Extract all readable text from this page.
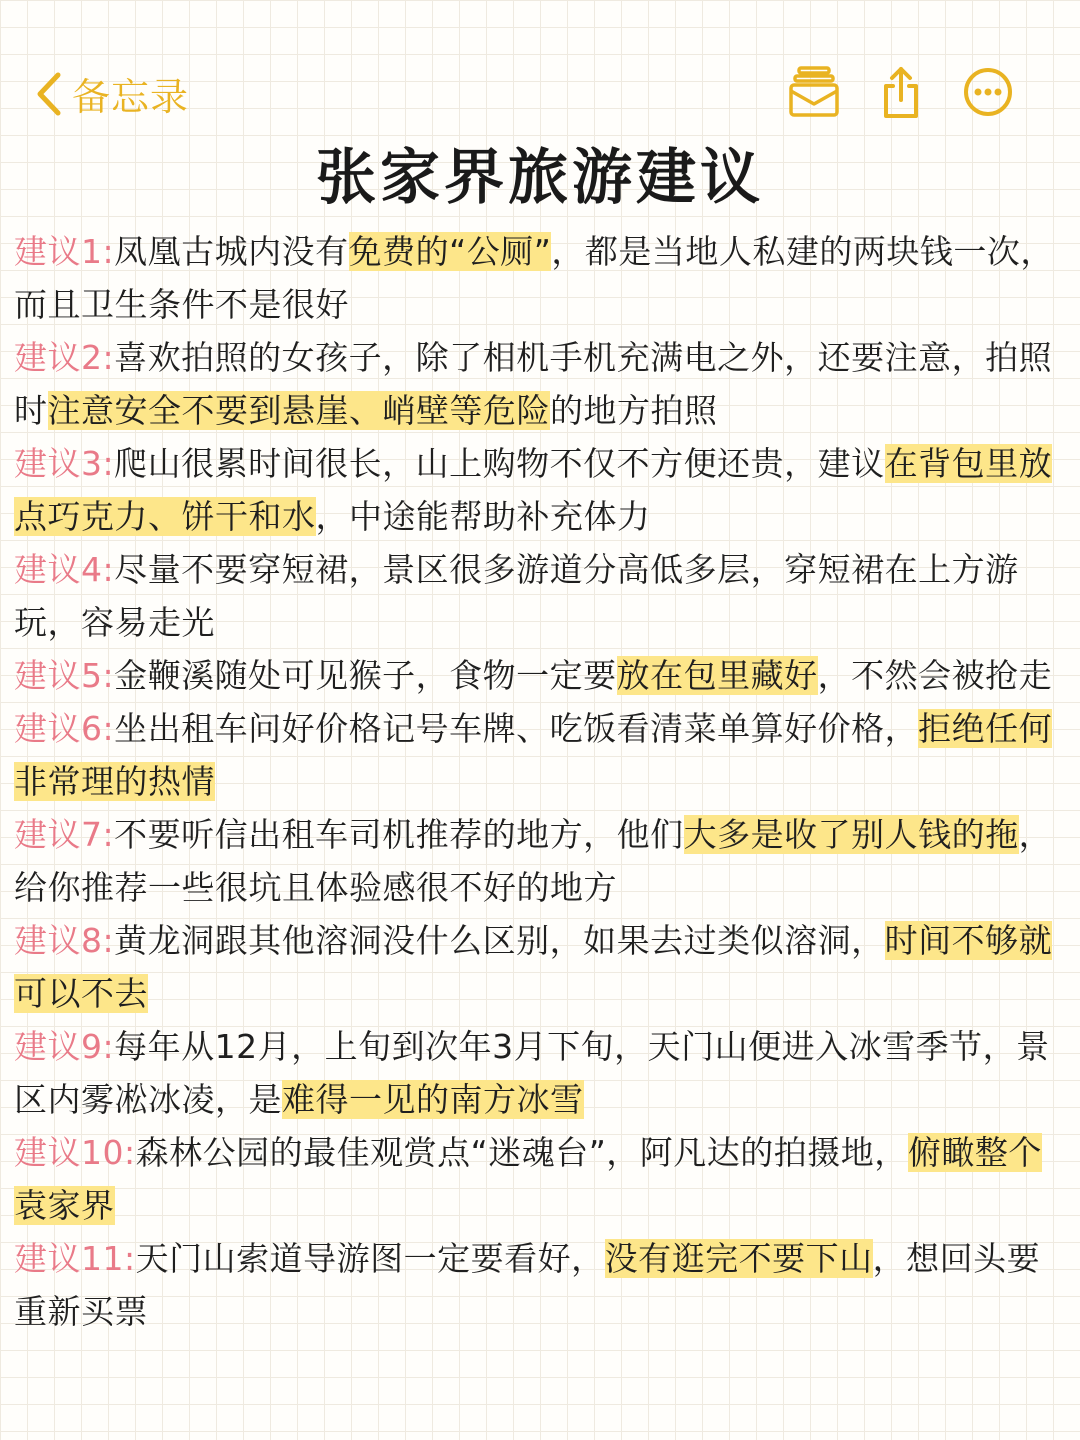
备忘录
张家界旅游建议
建议1:凤凰古城内没有免费的“公厕”，都是当地人私建的两块钱一次，而且卫生条件不是很好
建议2:喜欢拍照的女孩子，除了相机手机充满电之外，还要注意，拍照时注意安全不要到悬崖、峭壁等危险的地方拍照
建议3:爬山很累时间很长，山上购物不仅不方便还贵，建议在背包里放点巧克力、饼干和水，中途能帮助补充体力
建议4:尽量不要穿短裙，景区很多游道分高低多层，穿短裙在上方游玩，容易走光
建议5:金鞭溪随处可见猴子，食物一定要放在包里藏好，不然会被抢走
建议6:坐出租车问好价格记号车牌、吃饭看清菜单算好价格，拒绝任何非常理的热情
建议7:不要听信出租车司机推荐的地方，他们大多是收了别人钱的拖，给你推荐一些很坑且体验感很不好的地方
建议8:黄龙洞跟其他溶洞没什么区别，如果去过类似溶洞，时间不够就可以不去
建议9:每年从12月，上旬到次年3月下旬，天门山便进入冰雪季节，景区内雾凇冰凌，是难得一见的南方冰雪
建议10:森林公园的最佳观赏点“迷魂台”，阿凡达的拍摄地，俯瞰整个袁家界
建议11:天门山索道导游图一定要看好，没有逛完不要下山，想回头要重新买票
